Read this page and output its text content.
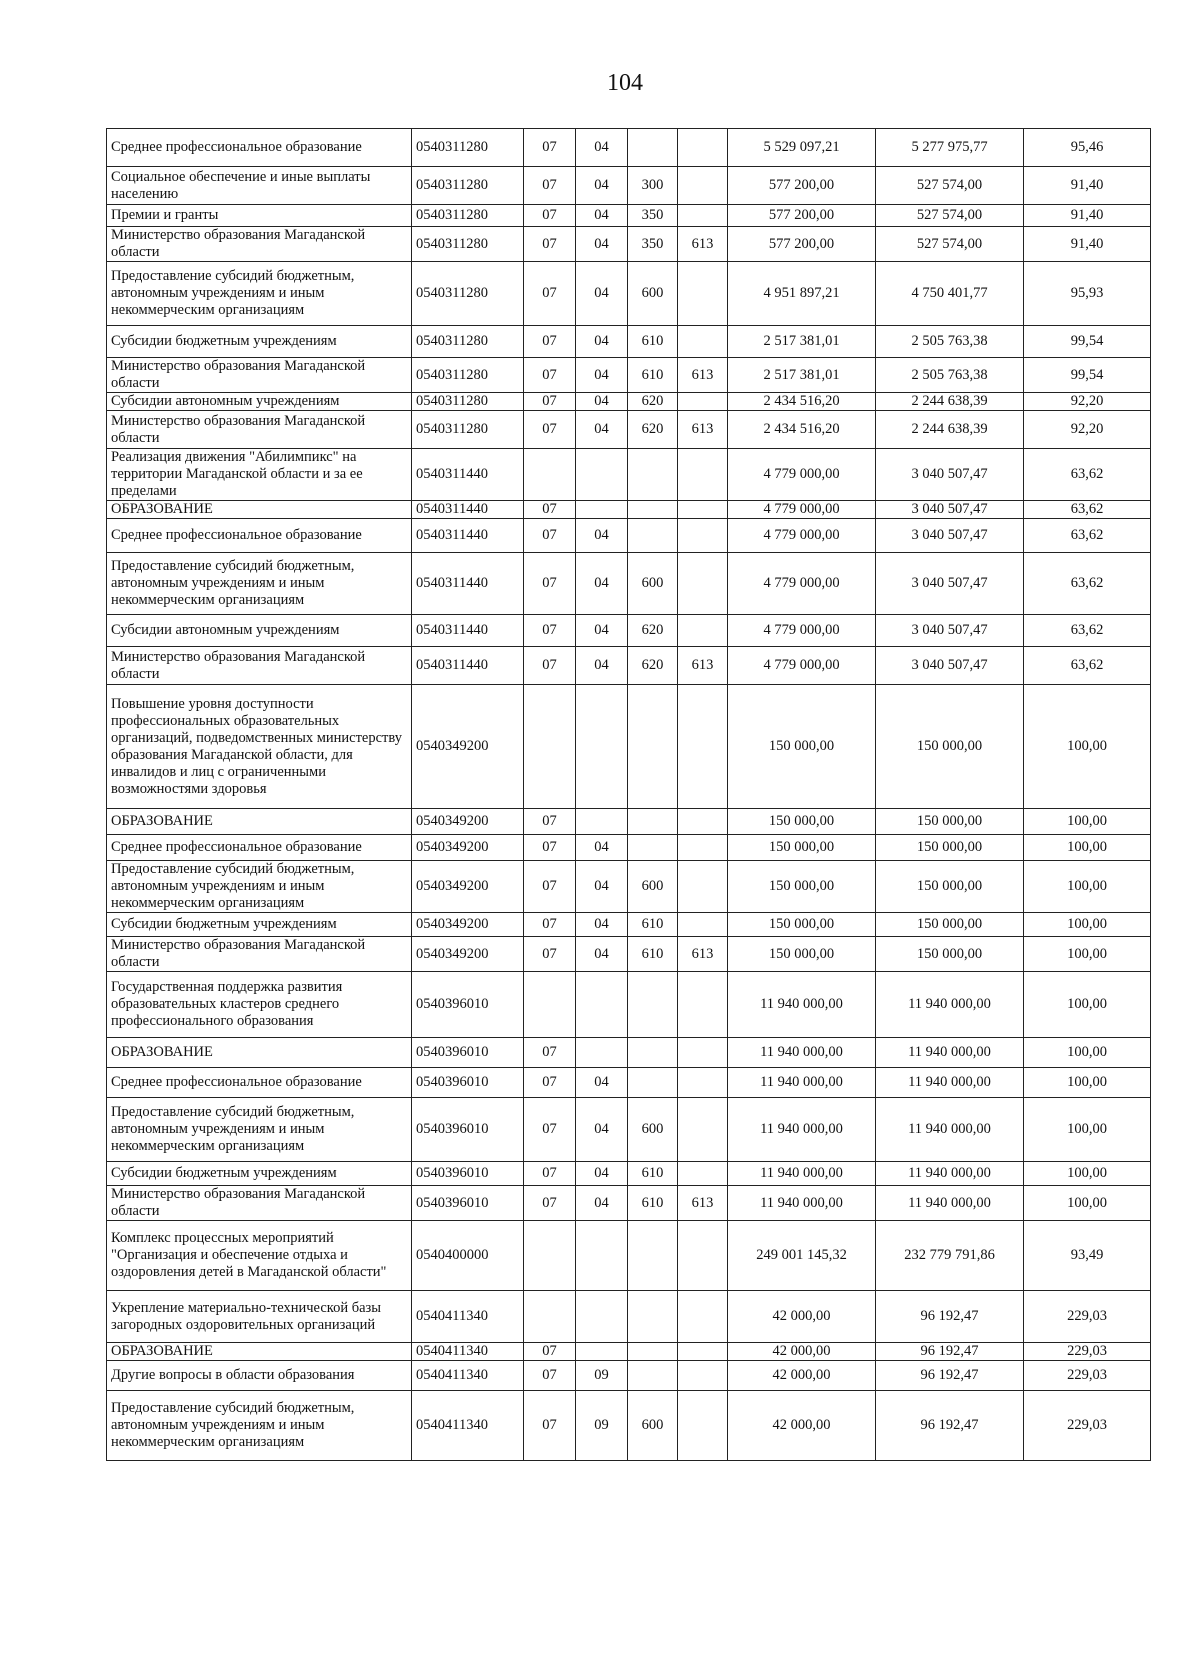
104
Среднее профессиональное образование	0540311280	07	04			5 529 097,21	5 277 975,77	95,46
Социальное обеспечение и иные выплаты населению	0540311280	07	04	300		577 200,00	527 574,00	91,40
Премии и гранты	0540311280	07	04	350		577 200,00	527 574,00	91,40
Министерство образования Магаданской области	0540311280	07	04	350	613	577 200,00	527 574,00	91,40
Предоставление субсидий бюджетным, автономным учреждениям и иным некоммерческим организациям	0540311280	07	04	600		4 951 897,21	4 750 401,77	95,93
Субсидии бюджетным учреждениям	0540311280	07	04	610		2 517 381,01	2 505 763,38	99,54
Министерство образования Магаданской области	0540311280	07	04	610	613	2 517 381,01	2 505 763,38	99,54
Субсидии автономным учреждениям	0540311280	07	04	620		2 434 516,20	2 244 638,39	92,20
Министерство образования Магаданской области	0540311280	07	04	620	613	2 434 516,20	2 244 638,39	92,20
Реализация движения "Абилимпикс" на территории Магаданской области и за ее пределами	0540311440					4 779 000,00	3 040 507,47	63,62
ОБРАЗОВАНИЕ	0540311440	07				4 779 000,00	3 040 507,47	63,62
Среднее профессиональное образование	0540311440	07	04			4 779 000,00	3 040 507,47	63,62
Предоставление субсидий бюджетным, автономным учреждениям и иным некоммерческим организациям	0540311440	07	04	600		4 779 000,00	3 040 507,47	63,62
Субсидии автономным учреждениям	0540311440	07	04	620		4 779 000,00	3 040 507,47	63,62
Министерство образования Магаданской области	0540311440	07	04	620	613	4 779 000,00	3 040 507,47	63,62
Повышение уровня доступности профессиональных образовательных организаций, подведомственных министерству образования Магаданской области, для инвалидов и лиц с ограниченными возможностями здоровья	0540349200					150 000,00	150 000,00	100,00
ОБРАЗОВАНИЕ	0540349200	07				150 000,00	150 000,00	100,00
Среднее профессиональное образование	0540349200	07	04			150 000,00	150 000,00	100,00
Предоставление субсидий бюджетным, автономным учреждениям и иным некоммерческим организациям	0540349200	07	04	600		150 000,00	150 000,00	100,00
Субсидии бюджетным учреждениям	0540349200	07	04	610		150 000,00	150 000,00	100,00
Министерство образования Магаданской области	0540349200	07	04	610	613	150 000,00	150 000,00	100,00
Государственная поддержка развития образовательных кластеров среднего профессионального образования	0540396010					11 940 000,00	11 940 000,00	100,00
ОБРАЗОВАНИЕ	0540396010	07				11 940 000,00	11 940 000,00	100,00
Среднее профессиональное образование	0540396010	07	04			11 940 000,00	11 940 000,00	100,00
Предоставление субсидий бюджетным, автономным учреждениям и иным некоммерческим организациям	0540396010	07	04	600		11 940 000,00	11 940 000,00	100,00
Субсидии бюджетным учреждениям	0540396010	07	04	610		11 940 000,00	11 940 000,00	100,00
Министерство образования Магаданской области	0540396010	07	04	610	613	11 940 000,00	11 940 000,00	100,00
Комплекс процессных мероприятий "Организация и обеспечение отдыха и оздоровления детей в Магаданской области"	0540400000					249 001 145,32	232 779 791,86	93,49
Укрепление материально-технической базы загородных оздоровительных организаций	0540411340					42 000,00	96 192,47	229,03
ОБРАЗОВАНИЕ	0540411340	07				42 000,00	96 192,47	229,03
Другие вопросы в области образования	0540411340	07	09			42 000,00	96 192,47	229,03
Предоставление субсидий бюджетным, автономным учреждениям и иным некоммерческим организациям	0540411340	07	09	600		42 000,00	96 192,47	229,03
